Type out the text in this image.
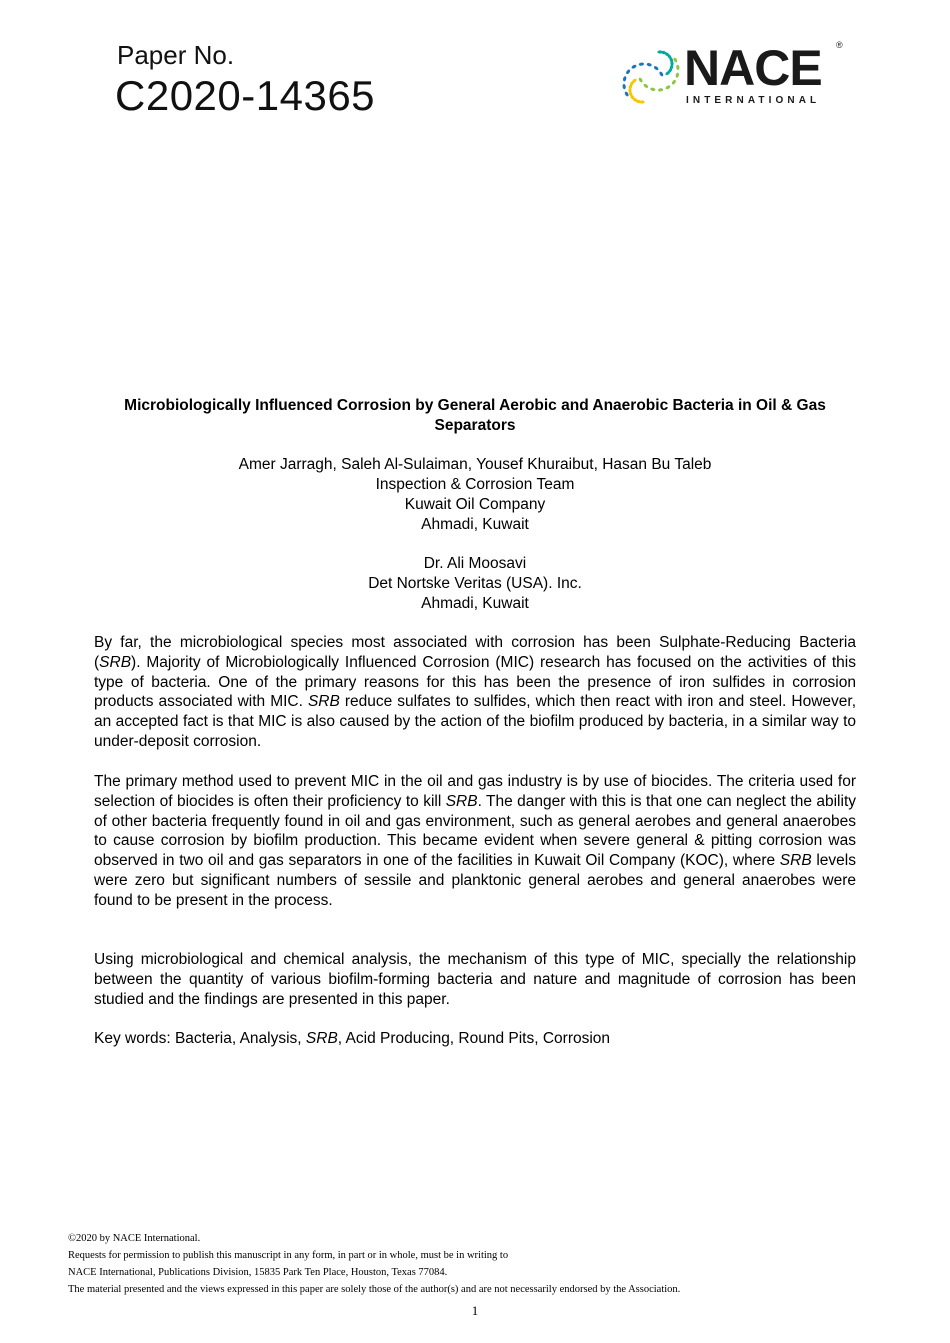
Paper No.
C2020-14365	NACE ®
INTERNATIONAL
Microbiologically Influenced Corrosion by General Aerobic and Anaerobic Bacteria in Oil & Gas Separators
Amer Jarragh, Saleh Al-Sulaiman, Yousef Khuraibut, Hasan Bu Taleb
Inspection & Corrosion Team
Kuwait Oil Company
Ahmadi, Kuwait
Dr. Ali Moosavi
Det Nortske Veritas (USA). Inc.
Ahmadi, Kuwait
By far, the microbiological species most associated with corrosion has been Sulphate-Reducing Bacteria (SRB). Majority of Microbiologically Influenced Corrosion (MIC) research has focused on the activities of this type of bacteria. One of the primary reasons for this has been the presence of iron sulfides in corrosion products associated with MIC. SRB reduce sulfates to sulfides, which then react with iron and steel. However, an accepted fact is that MIC is also caused by the action of the biofilm produced by bacteria, in a similar way to under-deposit corrosion.
The primary method used to prevent MIC in the oil and gas industry is by use of biocides. The criteria used for selection of biocides is often their proficiency to kill SRB. The danger with this is that one can neglect the ability of other bacteria frequently found in oil and gas environment, such as general aerobes and general anaerobes to cause corrosion by biofilm production. This became evident when severe general & pitting corrosion was observed in two oil and gas separators in one of the facilities in Kuwait Oil Company (KOC), where SRB levels were zero but significant numbers of sessile and planktonic general aerobes and general anaerobes were found to be present in the process.
Using microbiological and chemical analysis, the mechanism of this type of MIC, specially the relationship between the quantity of various biofilm-forming bacteria and nature and magnitude of corrosion has been studied and the findings are presented in this paper.
Key words: Bacteria, Analysis, SRB, Acid Producing, Round Pits, Corrosion
©2020 by NACE International.
Requests for permission to publish this manuscript in any form, in part or in whole, must be in writing to
NACE International, Publications Division, 15835 Park Ten Place, Houston, Texas 77084.
The material presented and the views expressed in this paper are solely those of the author(s) and are not necessarily endorsed by the Association.
1
